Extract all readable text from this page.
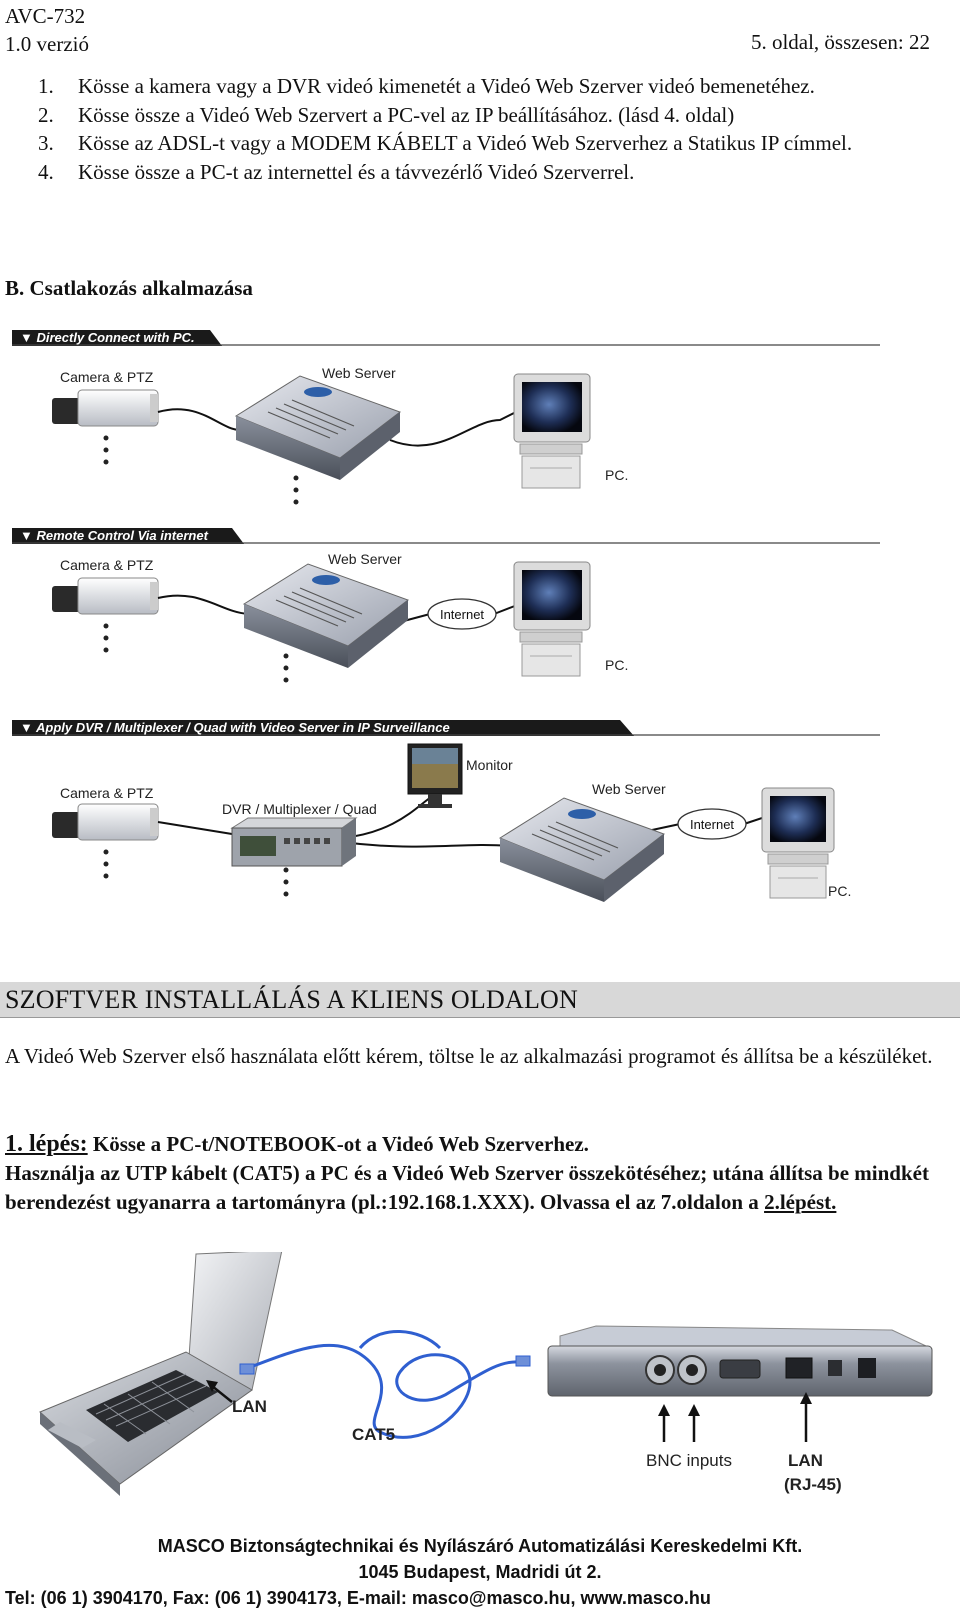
AVC-732
1.0 verzió	5. oldal, összesen: 22
1. Kösse a kamera vagy a DVR videó kimenetét a Videó Web Szerver videó bemenetéhez.
2. Kösse össze a Videó Web Szervert a PC-vel az IP beállításához. (lásd 4. oldal)
3. Kösse az ADSL-t vagy a MODEM KÁBELT a Videó Web Szerverhez a Statikus IP címmel.
4. Kösse össze a PC-t az internettel és a távvezérlő Videó Szerverrel.
B. Csatlakozás alkalmazása
▼ Directly Connect with PC.
Camera & PTZ	Web Server
PC.
▼ Remote Control Via internet
Camera & PTZ	Web Server
PC.
Internet
▼ Apply DVR / Multiplexer / Quad with Video Server in IP Surveillance
Camera & PTZ
DVR / Multiplexer / Quad
Monitor
Web Server
PC.
Internet
SZOFTVER INSTALLÁLÁS A KLIENS OLDALON

A Videó Web Szerver első használata előtt kérem, töltse le az alkalmazási programot és állítsa be a készüléket.

1. lépés: Kösse a PC-t/NOTEBOOK-ot a Videó Web Szerverhez.
Használja az UTP kábelt (CAT5) a PC és a Videó Web Szerver összekötéséhez; utána állítsa be mindkét berendezést ugyanarra a tartományra (pl.:192.168.1.XXX). Olvassa el az 7.oldalon a 2.lépést.
LAN
CAT5
BNC inputs	LAN
(RJ-45)
MASCO Biztonságtechnikai és Nyílászáró Automatizálási Kereskedelmi Kft.
1045 Budapest, Madridi út 2.
Tel: (06 1) 3904170, Fax: (06 1) 3904173, E-mail: masco@masco.hu, www.masco.hu
